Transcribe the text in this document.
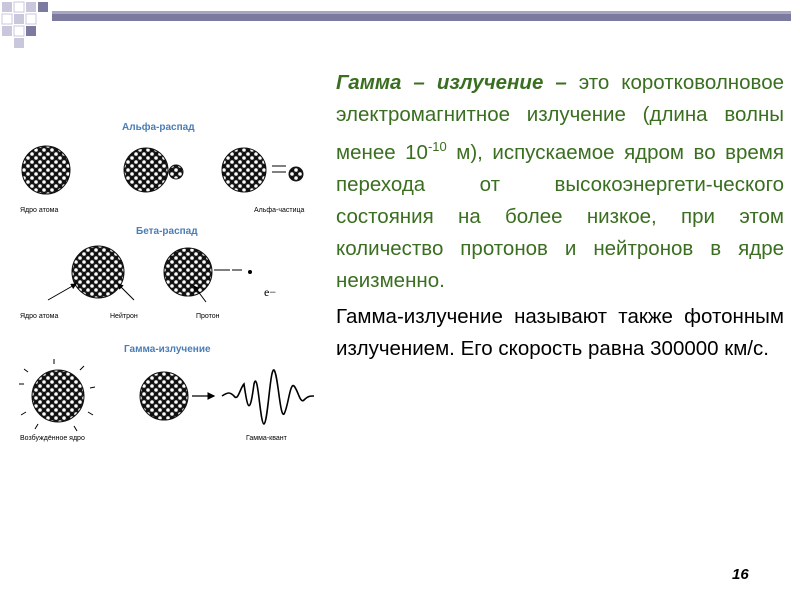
Альфа-распад
Ядро атома	Альфа-частица
Бета-распад
e−
Ядро атома	Нейтрон	Протон
Гамма-излучение
Возбуждённое ядро	Гамма-квант

Гамма – излучение – это коротковолновое электромагнитное излучение (длина волны менее $10^{-10}$ м), испускаемое ядром во время перехода от высокоэнергети-ческого состояния на более низкое, при этом количество протонов и нейтронов в ядре неизменно.

Гамма-излучение называют также фотонным излучением. Его скорость равна 300000 км/с.

16
